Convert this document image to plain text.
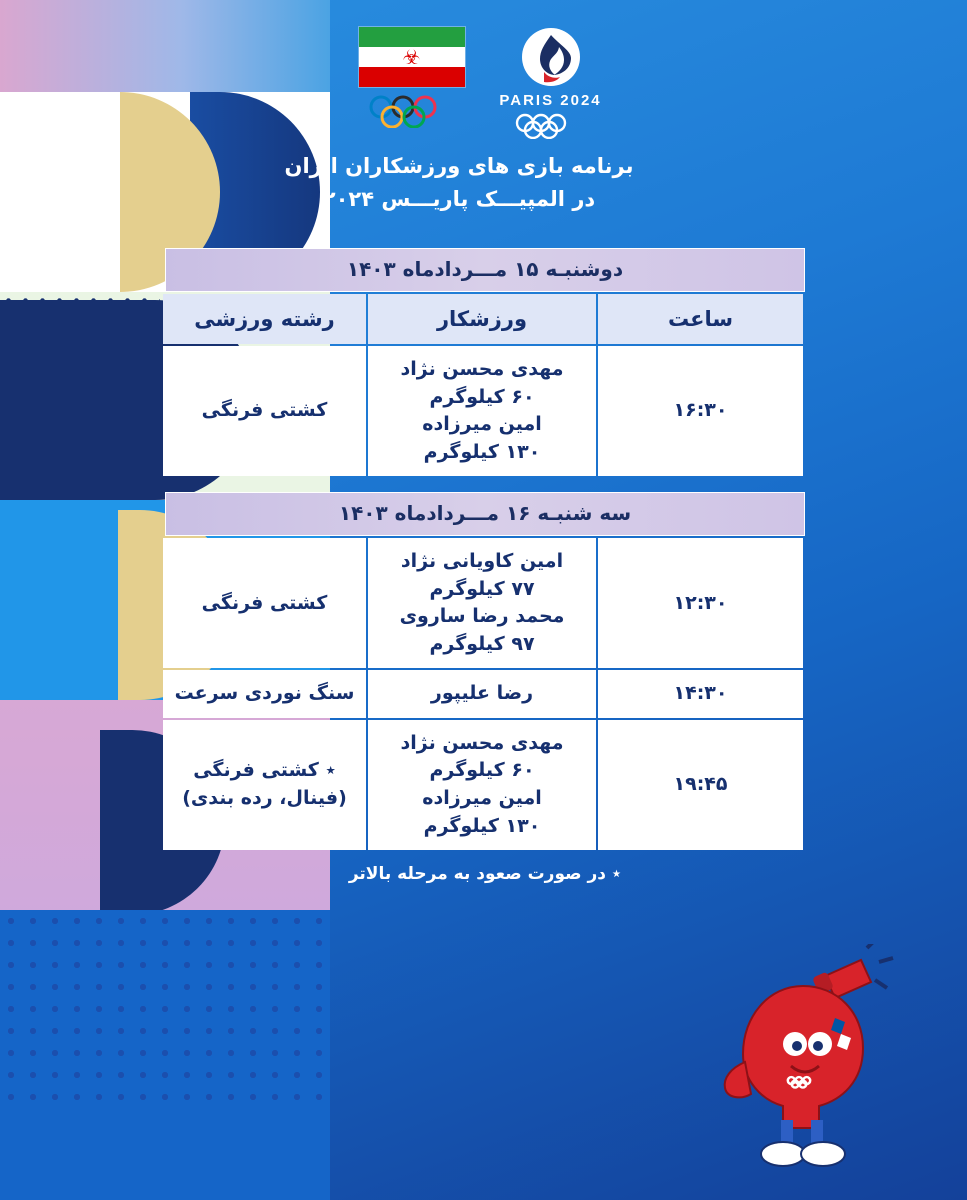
PARIS 2024
☣
برنامه بازی های ورزشکاران ایران
در المپیـــک پاریـــس ۲۰۲۴
دوشنبـه ۱۵ مـــردادماه ۱۴۰۳
ساعت	ورزشکار	رشته ورزشی
۱۶:۳۰	مهدی محسن نژاد
۶۰ کیلوگرم
امین میرزاده
۱۳۰ کیلوگرم	کشتی فرنگی
سه شنبـه ۱۶ مـــردادماه ۱۴۰۳
۱۲:۳۰	امین کاویانی نژاد
۷۷ کیلوگرم
محمد رضا ساروی
۹۷ کیلوگرم	کشتی فرنگی
۱۴:۳۰	رضا علیپور	سنگ نوردی سرعت
۱۹:۴۵	مهدی محسن نژاد
۶۰ کیلوگرم
امین میرزاده
۱۳۰ کیلوگرم	٭ کشتی فرنگی
(فینال، رده بندی)
٭ در صورت صعود به مرحله بالاتر
